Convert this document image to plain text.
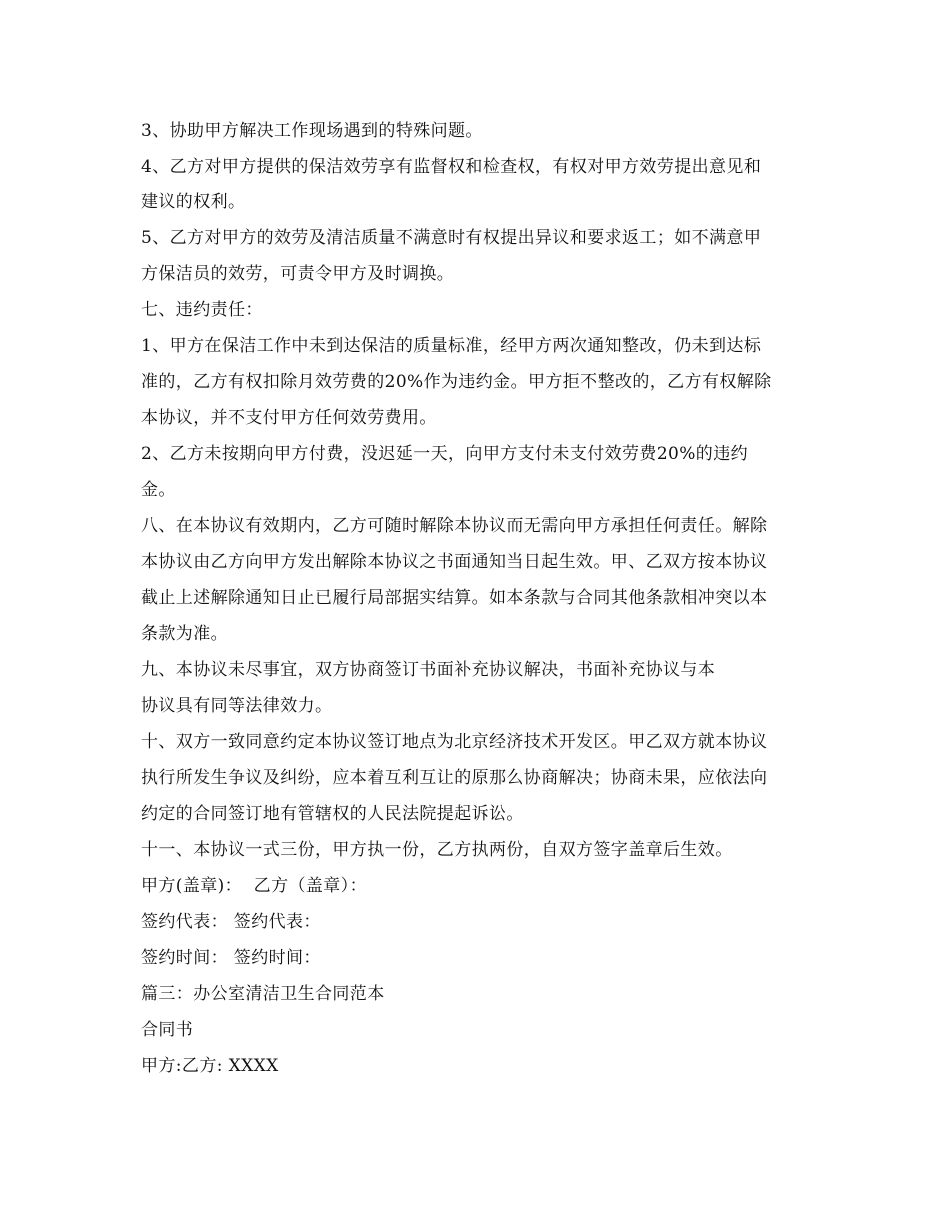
3、协助甲方解决工作现场遇到的特殊问题。
4、乙方对甲方提供的保洁效劳享有监督权和检查权，有权对甲方效劳提出意见和
建议的权利。
5、乙方对甲方的效劳及清洁质量不满意时有权提出异议和要求返工；如不满意甲
方保洁员的效劳，可责令甲方及时调换。
七、违约责任：
1、甲方在保洁工作中未到达保洁的质量标准，经甲方两次通知整改，仍未到达标
准的，乙方有权扣除月效劳费的20%作为违约金。甲方拒不整改的，乙方有权解除
本协议，并不支付甲方任何效劳费用。
2、乙方未按期向甲方付费，没迟延一天，向甲方支付未支付效劳费20%的违约
金。
八、在本协议有效期内，乙方可随时解除本协议而无需向甲方承担任何责任。解除
本协议由乙方向甲方发出解除本协议之书面通知当日起生效。甲、乙双方按本协议
截止上述解除通知日止已履行局部据实结算。如本条款与合同其他条款相冲突以本
条款为准。
九、本协议未尽事宜，双方协商签订书面补充协议解决，书面补充协议与本
协议具有同等法律效力。
十、双方一致同意约定本协议签订地点为北京经济技术开发区。甲乙双方就本协议
执行所发生争议及纠纷，应本着互利互让的原那么协商解决；协商未果，应依法向
约定的合同签订地有管辖权的人民法院提起诉讼。
十一、本协议一式三份，甲方执一份，乙方执两份，自双方签字盖章后生效。
甲方(盖章)：  乙方（盖章）：
签约代表： 签约代表：
签约时间： 签约时间：
篇三：办公室清洁卫生合同范本
合同书
甲方:乙方: XXXX
